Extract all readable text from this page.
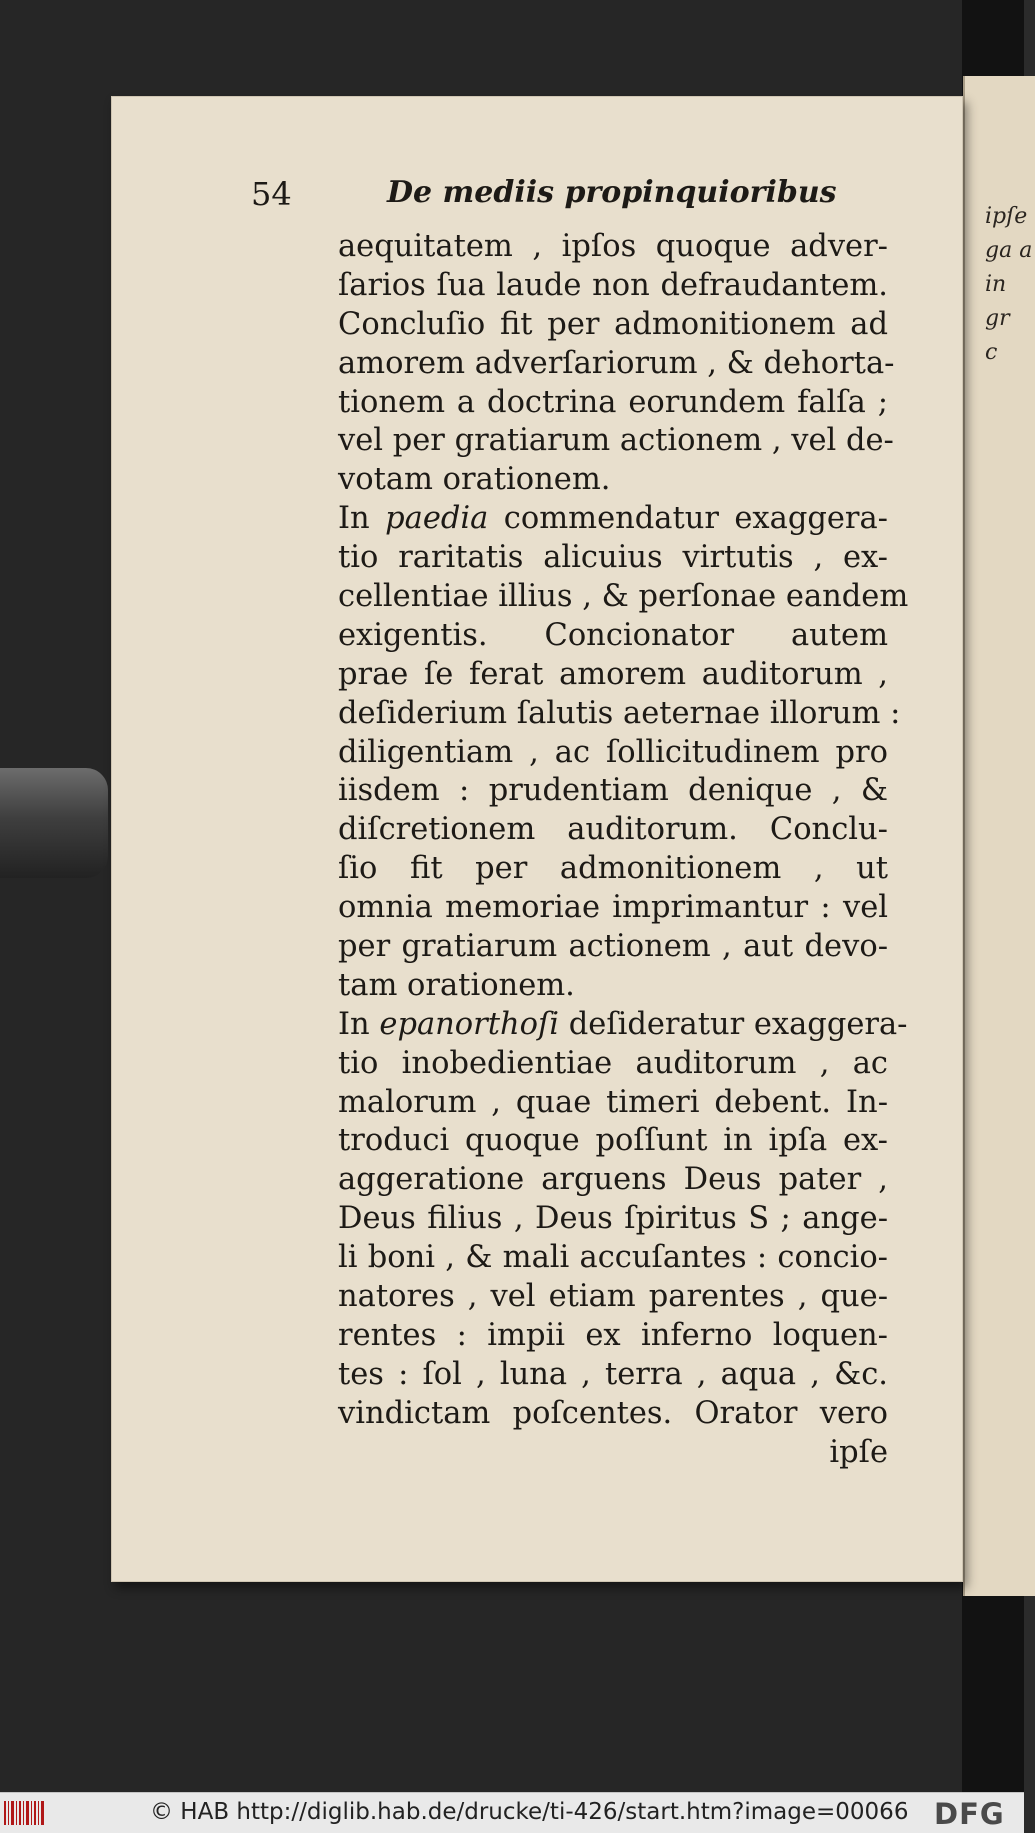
ipſe
ga
in
gr
c
54	De mediis propinquioribus
aequitatem , ipſos quoque adver-
ſarios ſua laude non defraudantem.
Concluſio fit per admonitionem ad
amorem adverſariorum , & dehorta-
tionem a doctrina eorundem falſa ;
vel per gratiarum actionem , vel de-
votam orationem.
In paedia commendatur exaggera-
tio raritatis alicuius virtutis , ex-
cellentiae illius , & perſonae eandem
exigentis. Concionator autem
prae ſe ferat amorem auditorum ,
deſiderium ſalutis aeternae illorum :
diligentiam , ac ſollicitudinem pro
iisdem : prudentiam denique , &
diſcretionem auditorum. Conclu-
ſio fit per admonitionem , ut
omnia memoriae imprimantur : vel
per gratiarum actionem , aut devo-
tam orationem.
In epanorthoſi deſideratur exaggera-
tio inobedientiae auditorum , ac
malorum , quae timeri debent. In-
troduci quoque poſſunt in ipſa ex-
aggeratione arguens Deus pater ,
Deus filius , Deus ſpiritus S ; ange-
li boni , & mali accuſantes : concio-
natores , vel etiam parentes , que-
rentes : impii ex inferno loquen-
tes : ſol , luna , terra , aqua , &c.
vindictam poſcentes. Orator vero
ipſe
© HAB http://diglib.hab.de/drucke/ti-426/start.htm?image=00066 DFG
